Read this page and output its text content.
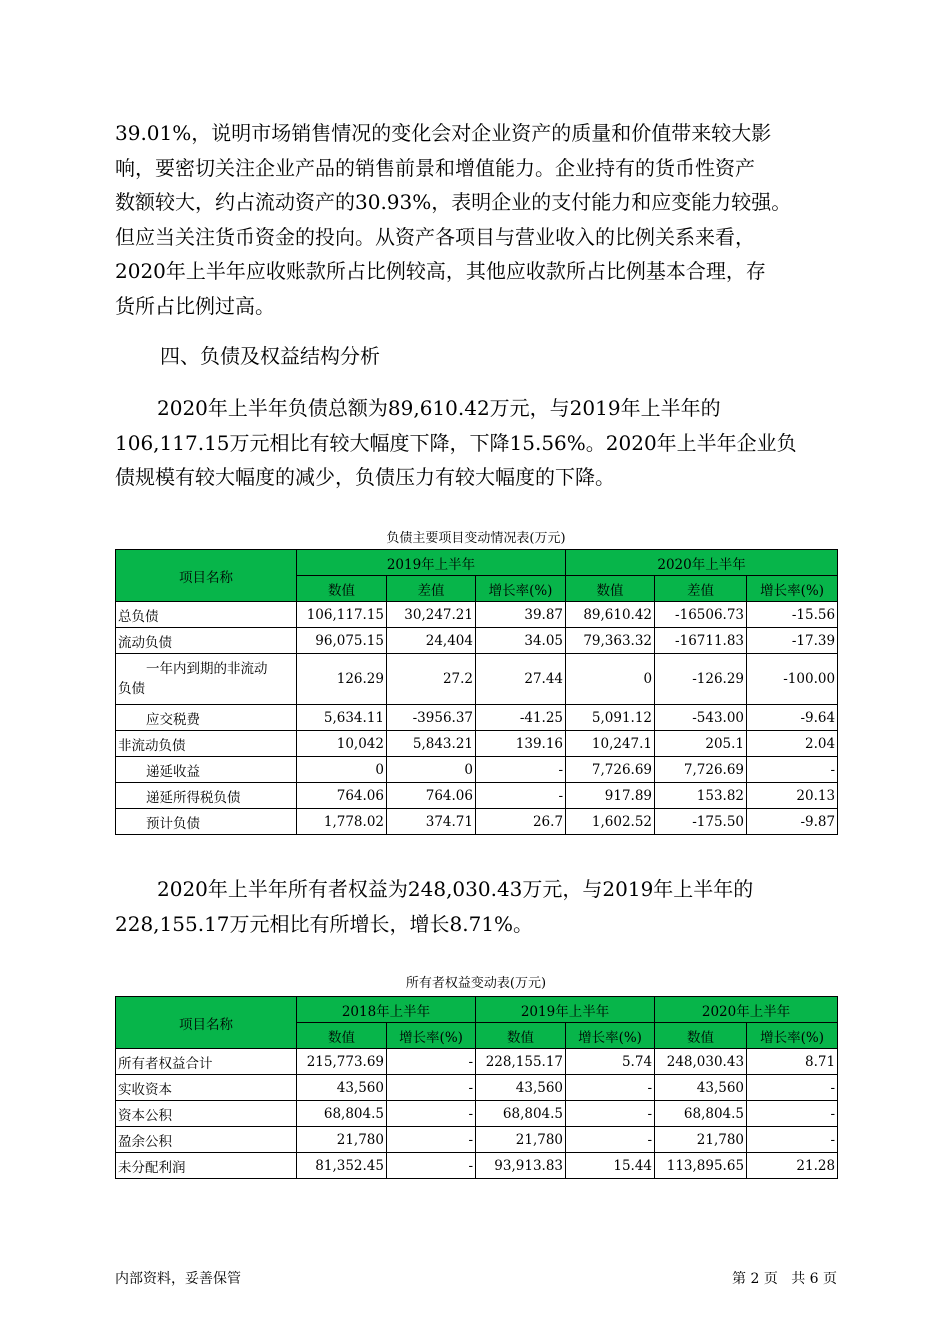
39.01%，说明市场销售情况的变化会对企业资产的质量和价值带来较大影
响，要密切关注企业产品的销售前景和增值能力。企业持有的货币性资产
数额较大，约占流动资产的30.93%，表明企业的支付能力和应变能力较强。
但应当关注货币资金的投向。从资产各项目与营业收入的比例关系来看，
2020年上半年应收账款所占比例较高，其他应收款所占比例基本合理，存
货所占比例过高。
四、负债及权益结构分析
2020年上半年负债总额为89,610.42万元，与2019年上半年的
106,117.15万元相比有较大幅度下降，下降15.56%。2020年上半年企业负
债规模有较大幅度的减少，负债压力有较大幅度的下降。
负债主要项目变动情况表(万元)
项目名称	2019年上半年			2020年上半年		
	数值	差值	增长率(%)	数值	差值	增长率(%)
总负债	106,117.15	30,247.21	39.87	89,610.42	-16506.73	-15.56
流动负债	96,075.15	24,404	34.05	79,363.32	-16711.83	-17.39

一年内到期的非流动
负债	126.29	27.2	27.44	0	-126.29	-100.00
应交税费	5,634.11	-3956.37	-41.25	5,091.12	-543.00	-9.64
非流动负债	10,042	5,843.21	139.16	10,247.1	205.1	2.04
递延收益	0	0	-	7,726.69	7,726.69	-
递延所得税负债	764.06	764.06	-	917.89	153.82	20.13
预计负债	1,778.02	374.71	26.7	1,602.52	-175.50	-9.87
2020年上半年所有者权益为248,030.43万元，与2019年上半年的
228,155.17万元相比有所增长，增长8.71%。
所有者权益变动表(万元)
项目名称	2018年上半年		2019年上半年		2020年上半年	
	数值	增长率(%)	数值	增长率(%)	数值	增长率(%)
所有者权益合计	215,773.69	-	228,155.17	5.74	248,030.43	8.71
实收资本	43,560	-	43,560	-	43,560	-
资本公积	68,804.5	-	68,804.5	-	68,804.5	-
盈余公积	21,780	-	21,780	-	21,780	-
未分配利润	81,352.45	-	93,913.83	15.44	113,895.65	21.28
内部资料，妥善保管	第 2 页   共 6 页
